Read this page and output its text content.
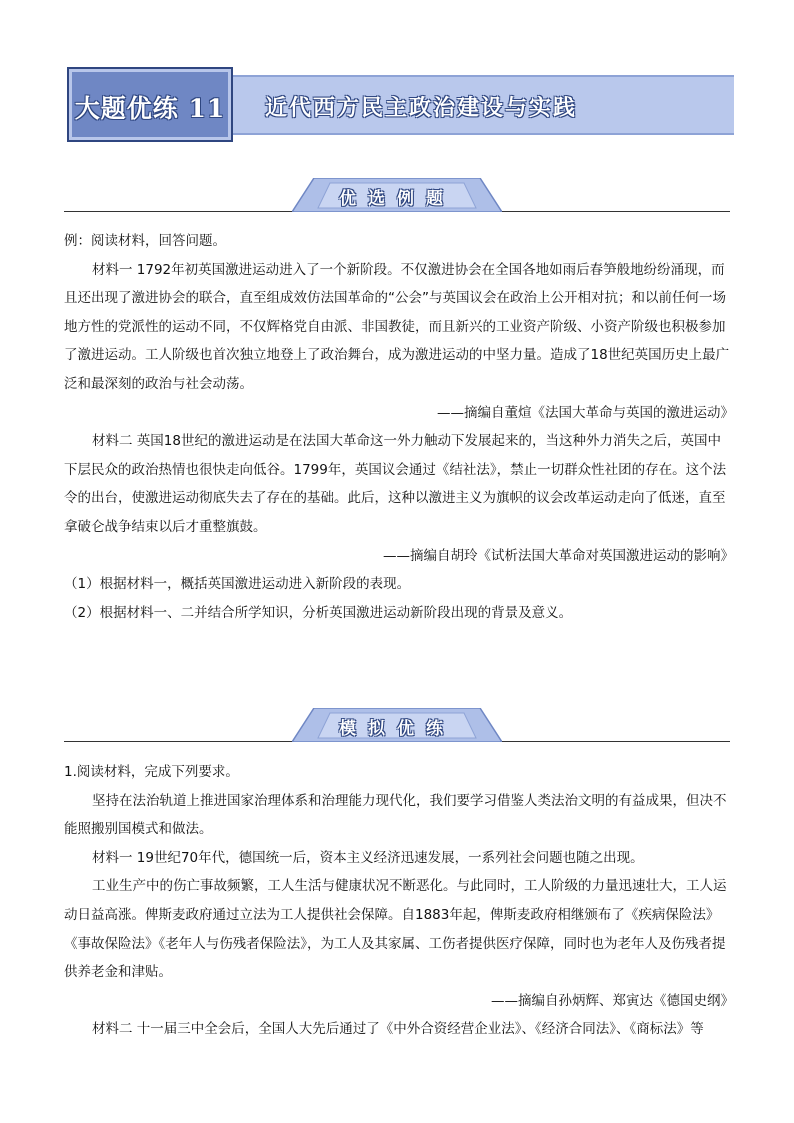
大题优练 11 近代西方民主政治建设与实践
优选例题

例：阅读材料，回答问题。

材料一 1792年初英国激进运动进入了一个新阶段。不仅激进协会在全国各地如雨后春笋般地纷纷涌现，而且还出现了激进协会的联合，直至组成效仿法国革命的“公会”与英国议会在政治上公开相对抗；和以前任何一场地方性的党派性的运动不同，不仅辉格党自由派、非国教徒，而且新兴的工业资产阶级、小资产阶级也积极参加了激进运动。工人阶级也首次独立地登上了政治舞台，成为激进运动的中坚力量。造成了18世纪英国历史上最广泛和最深刻的政治与社会动荡。

——摘编自董煊《法国大革命与英国的激进运动》

材料二 英国18世纪的激进运动是在法国大革命这一外力触动下发展起来的，当这种外力消失之后，英国中下层民众的政治热情也很快走向低谷。1799年，英国议会通过《结社法》，禁止一切群众性社团的存在。这个法令的出台，使激进运动彻底失去了存在的基础。此后，这种以激进主义为旗帜的议会改革运动走向了低迷，直至拿破仑战争结束以后才重整旗鼓。

——摘编自胡玲《试析法国大革命对英国激进运动的影响》

（1）根据材料一，概括英国激进运动进入新阶段的表现。

（2）根据材料一、二并结合所学知识，分析英国激进运动新阶段出现的背景及意义。

模拟优练

1.阅读材料，完成下列要求。

坚持在法治轨道上推进国家治理体系和治理能力现代化，我们要学习借鉴人类法治文明的有益成果，但决不能照搬别国模式和做法。

材料一 19世纪70年代，德国统一后，资本主义经济迅速发展，一系列社会问题也随之出现。

工业生产中的伤亡事故频繁，工人生活与健康状况不断恶化。与此同时，工人阶级的力量迅速壮大，工人运动日益高涨。俾斯麦政府通过立法为工人提供社会保障。自1883年起，俾斯麦政府相继颁布了《疾病保险法》《事故保险法》《老年人与伤残者保险法》，为工人及其家属、工伤者提供医疗保障，同时也为老年人及伤残者提供养老金和津贴。

——摘编自孙炳辉、郑寅达《德国史纲》

材料二 十一届三中全会后，全国人大先后通过了《中外合资经营企业法》、《经济合同法》、《商标法》等
